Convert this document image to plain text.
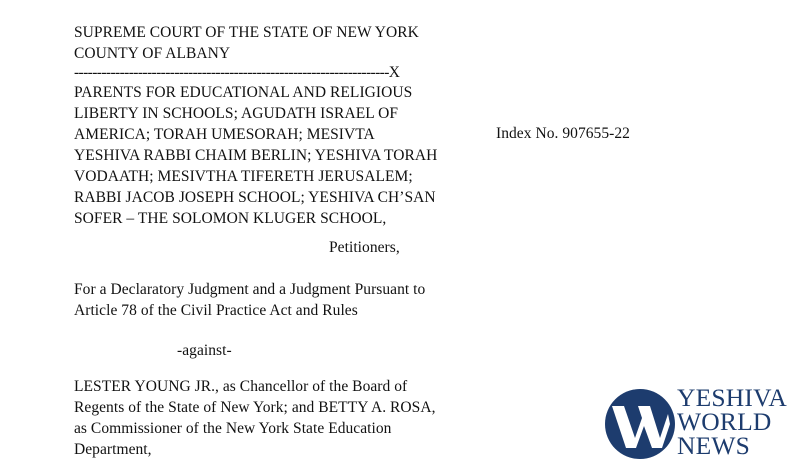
SUPREME COURT OF THE STATE OF NEW YORK
COUNTY OF ALBANY
---------------------------------------------------------------------X
PARENTS FOR EDUCATIONAL AND RELIGIOUS
LIBERTY IN SCHOOLS; AGUDATH ISRAEL OF
AMERICA; TORAH UMESORAH; MESIVTA
YESHIVA RABBI CHAIM BERLIN; YESHIVA TORAH
VODAATH; MESIVTHA TIFERETH JERUSALEM;
RABBI JACOB JOSEPH SCHOOL; YESHIVA CH’SAN
SOFER – THE SOLOMON KLUGER SCHOOL,
Index No. 907655-22
Petitioners,
For a Declaratory Judgment and a Judgment Pursuant to
Article 78 of the Civil Practice Act and Rules
-against-
LESTER YOUNG JR., as Chancellor of the Board of
Regents of the State of New York; and BETTY A. ROSA,
as Commissioner of the New York State Education
Department,
YESHIVA
WORLD
NEWS
